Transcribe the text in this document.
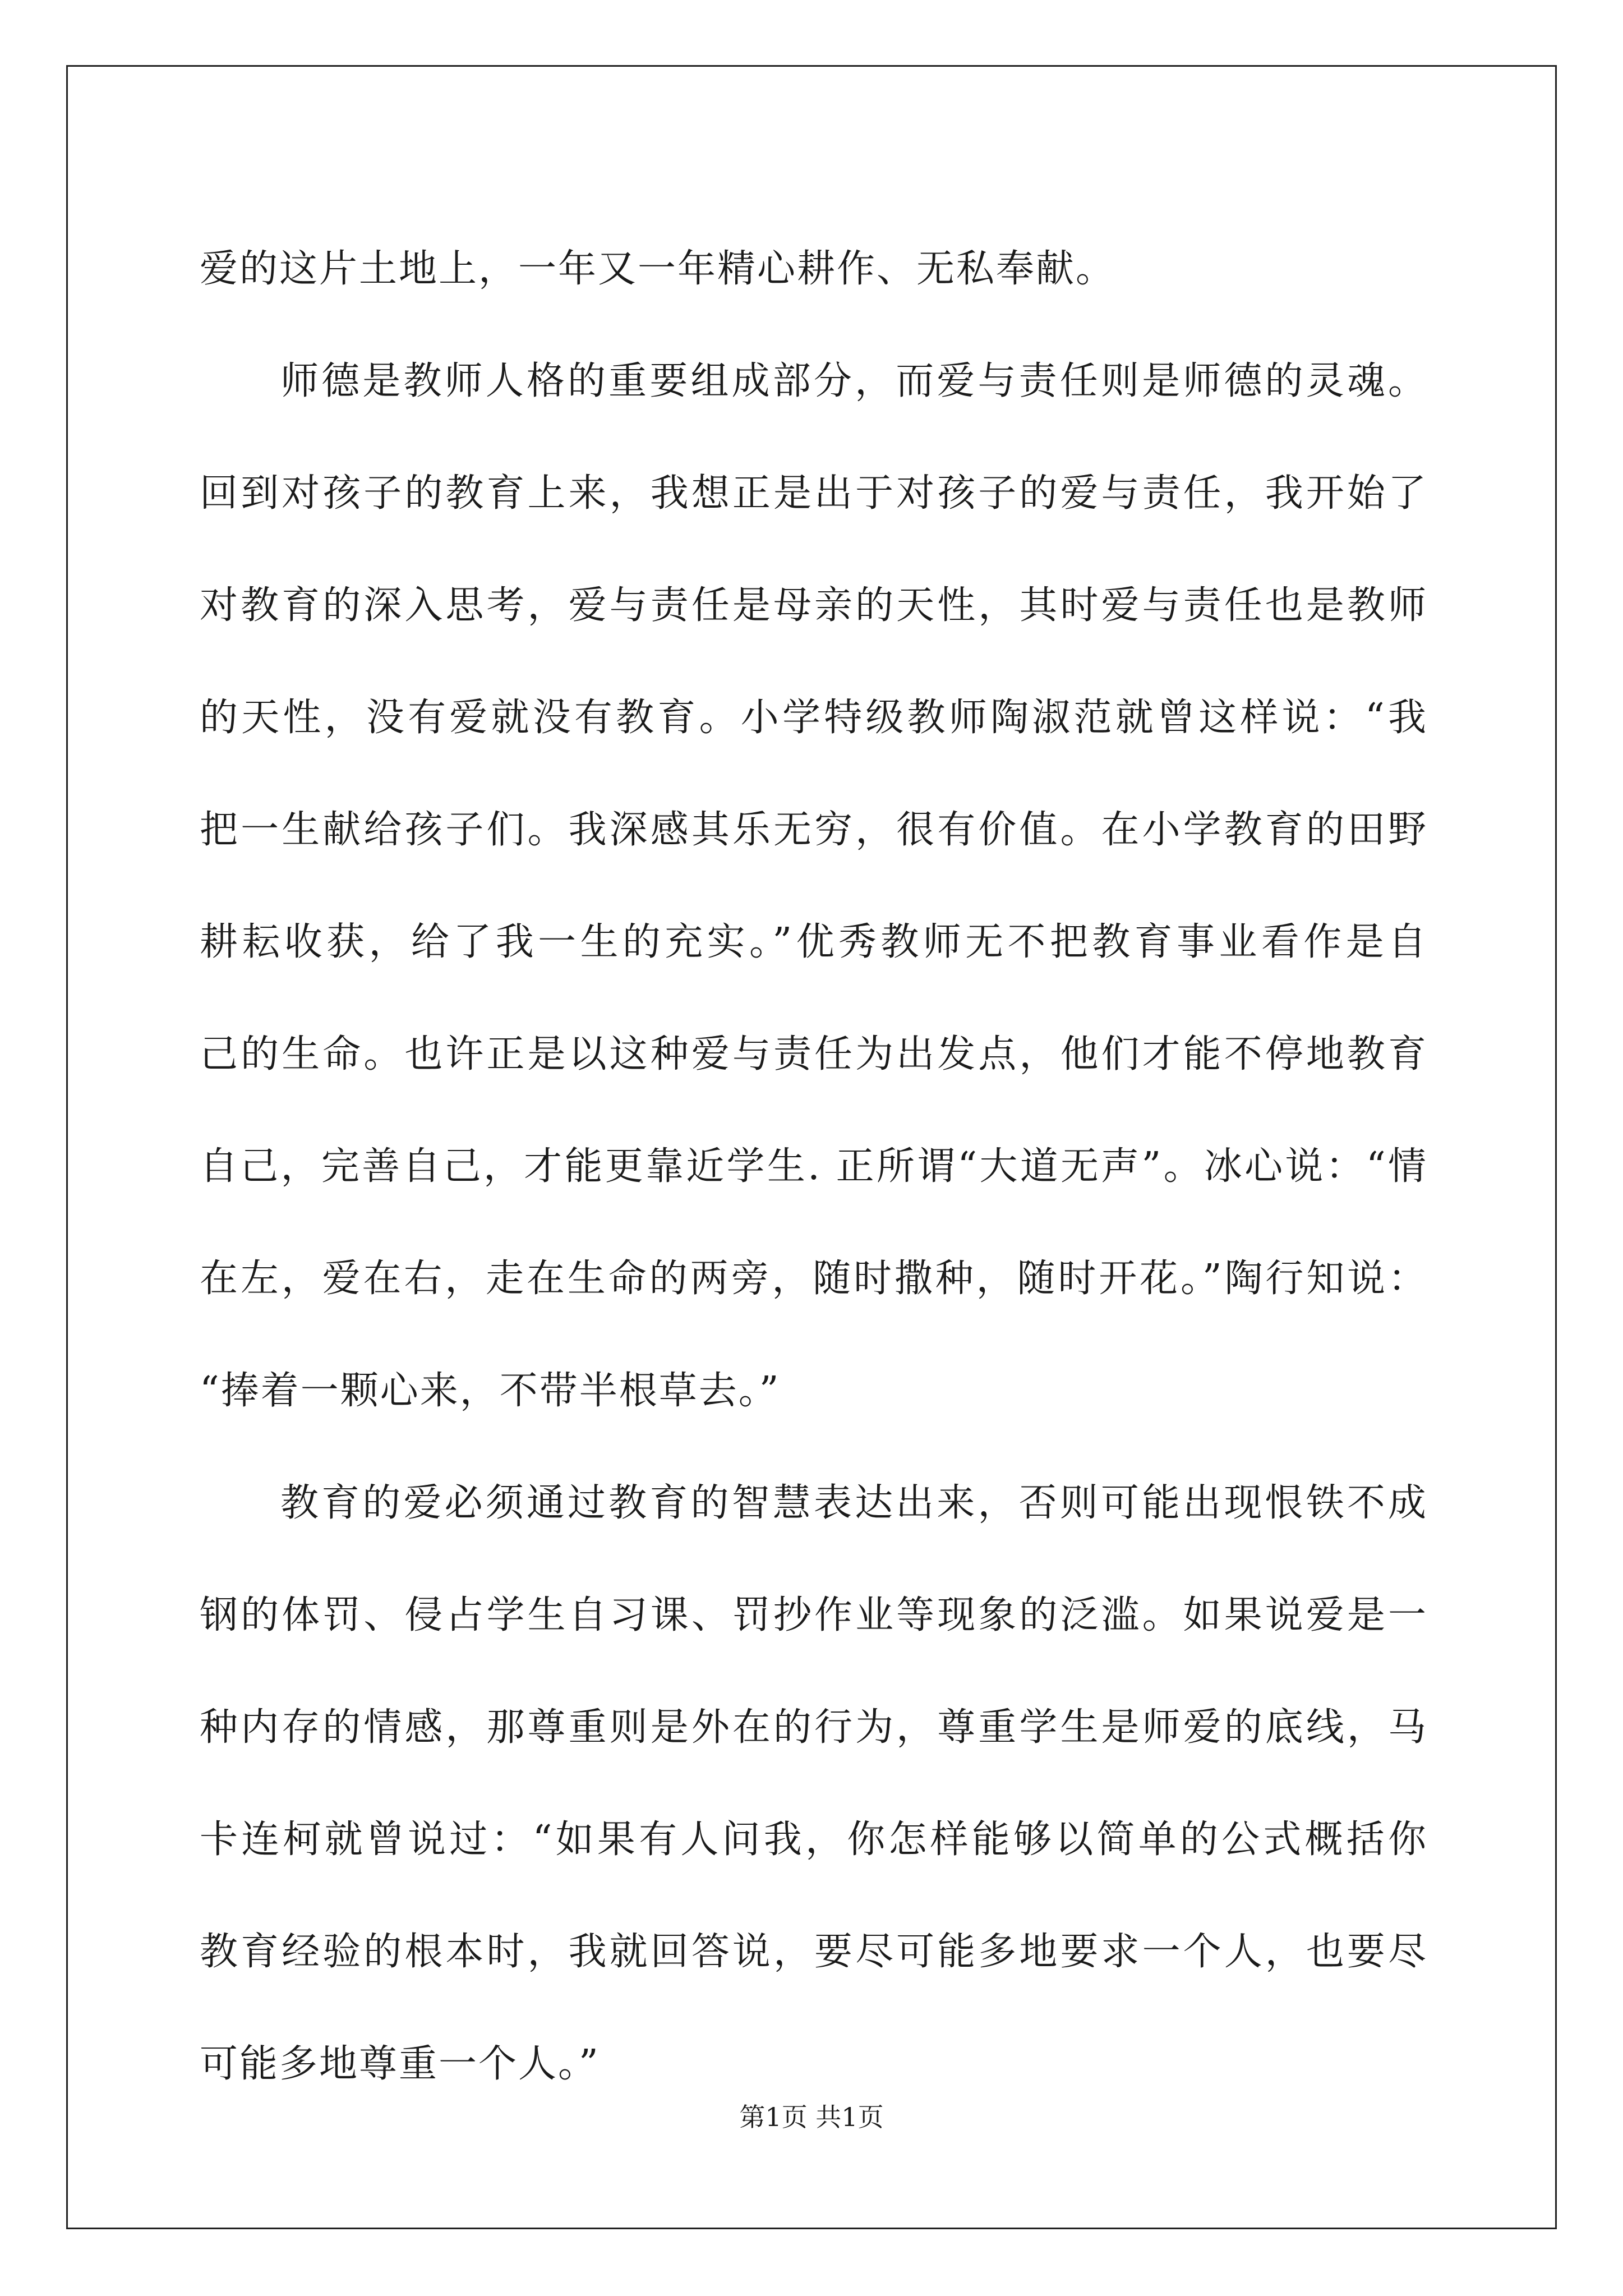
爱的这片土地上，一年又一年精心耕作、无私奉献。
师德是教师人格的重要组成部分，而爱与责任则是师德的灵魂。
回到对孩子的教育上来，我想正是出于对孩子的爱与责任，我开始了
对教育的深入思考，爱与责任是母亲的天性，其时爱与责任也是教师
的天性，没有爱就没有教育。小学特级教师陶淑范就曾这样说：“我
把一生献给孩子们。我深感其乐无穷，很有价值。在小学教育的田野
耕耘收获，给了我一生的充实。”优秀教师无不把教育事业看作是自
己的生命。也许正是以这种爱与责任为出发点，他们才能不停地教育
自己，完善自己，才能更靠近学生. 正所谓“大道无声”。冰心说：“情
在左，爱在右，走在生命的两旁，随时撒种，随时开花。”陶行知说：
“捧着一颗心来，不带半根草去。”
教育的爱必须通过教育的智慧表达出来，否则可能出现恨铁不成
钢的体罚、侵占学生自习课、罚抄作业等现象的泛滥。如果说爱是一
种内存的情感，那尊重则是外在的行为，尊重学生是师爱的底线，马
卡连柯就曾说过：“如果有人问我，你怎样能够以简单的公式概括你
教育经验的根本时，我就回答说，要尽可能多地要求一个人，也要尽
可能多地尊重一个人。”
第1页 共1页
